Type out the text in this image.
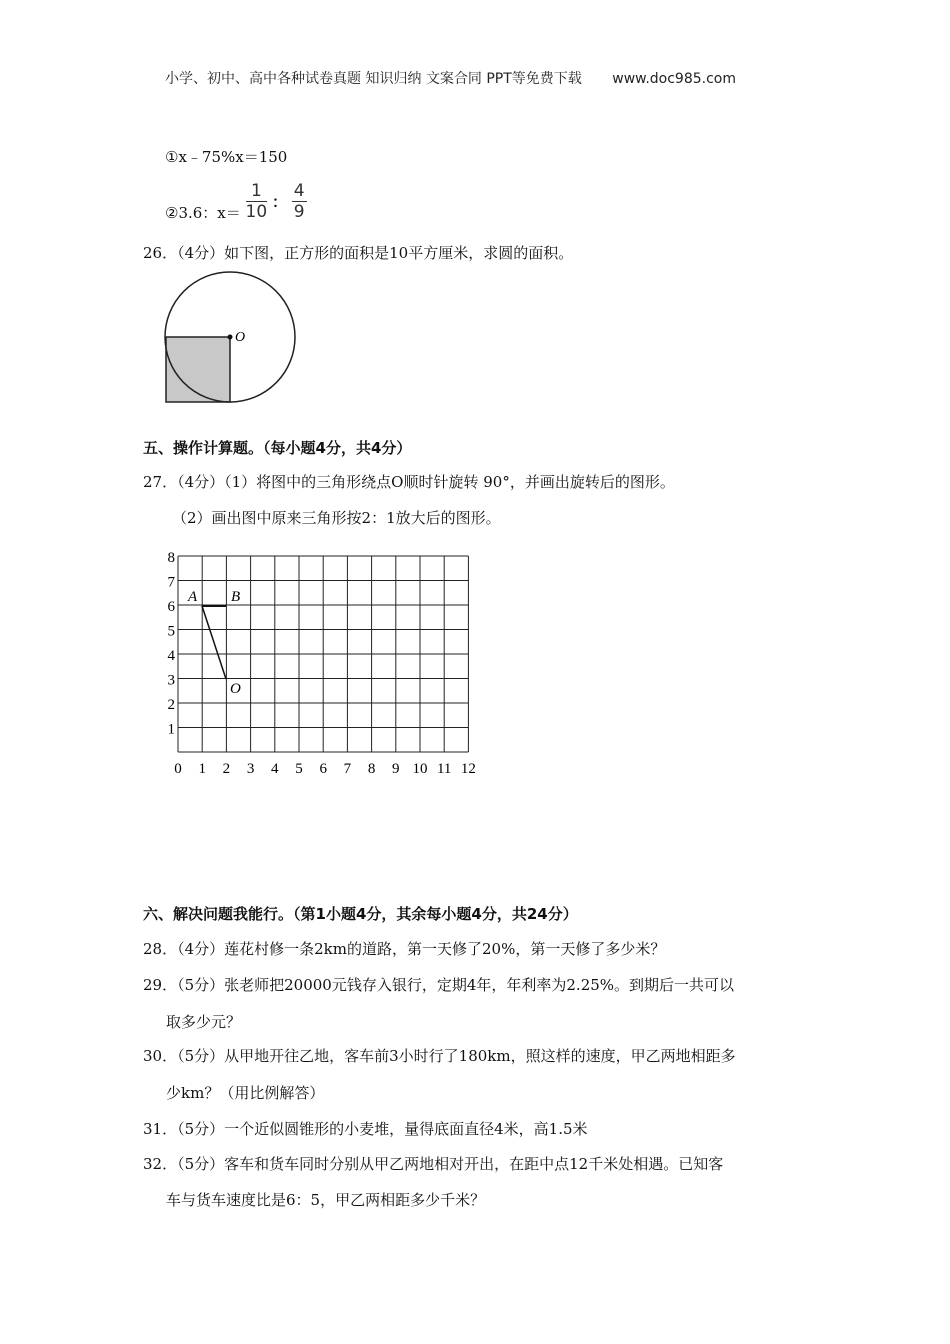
小学、初中、高中各种试卷真题 知识归纳 文案合同 PPT等免费下载 www.doc985.com
①x﹣75%x＝150
②3.6：$x= \frac{1}{10}$ ： $\frac{4}{9}$
26．（4分）如下图，正方形的面积是10平方厘米，求圆的面积。
O
五、操作计算题。（每小题4分，共4分）
27．（4分）（1）将图中的三角形绕点O顺时针旋转 90°，并画出旋转后的图形。
（2）画出图中原来三角形按2：1放大后的图形。
0 1 2 3 4 5 6 7 8 9 10 11 12
1
2
3
4
5
6
7
8
A B
O
六、解决问题我能行。（第1小题4分，其余每小题4分，共24分）
28．（4分）莲花村修一条2km的道路，第一天修了20%，第一天修了多少米？
29．（5分）张老师把20000元钱存入银行，定期4年，年利率为2.25%。到期后一共可以
取多少元？
30．（5分）从甲地开往乙地，客车前3小时行了180km，照这样的速度，甲乙两地相距多
少km？（用比例解答）
31．（5分）一个近似圆锥形的小麦堆，量得底面直径4米，高1.5米
32．（5分）客车和货车同时分别从甲乙两地相对开出，在距中点12千米处相遇。已知客
车与货车速度比是6：5，甲乙两相距多少千米？
